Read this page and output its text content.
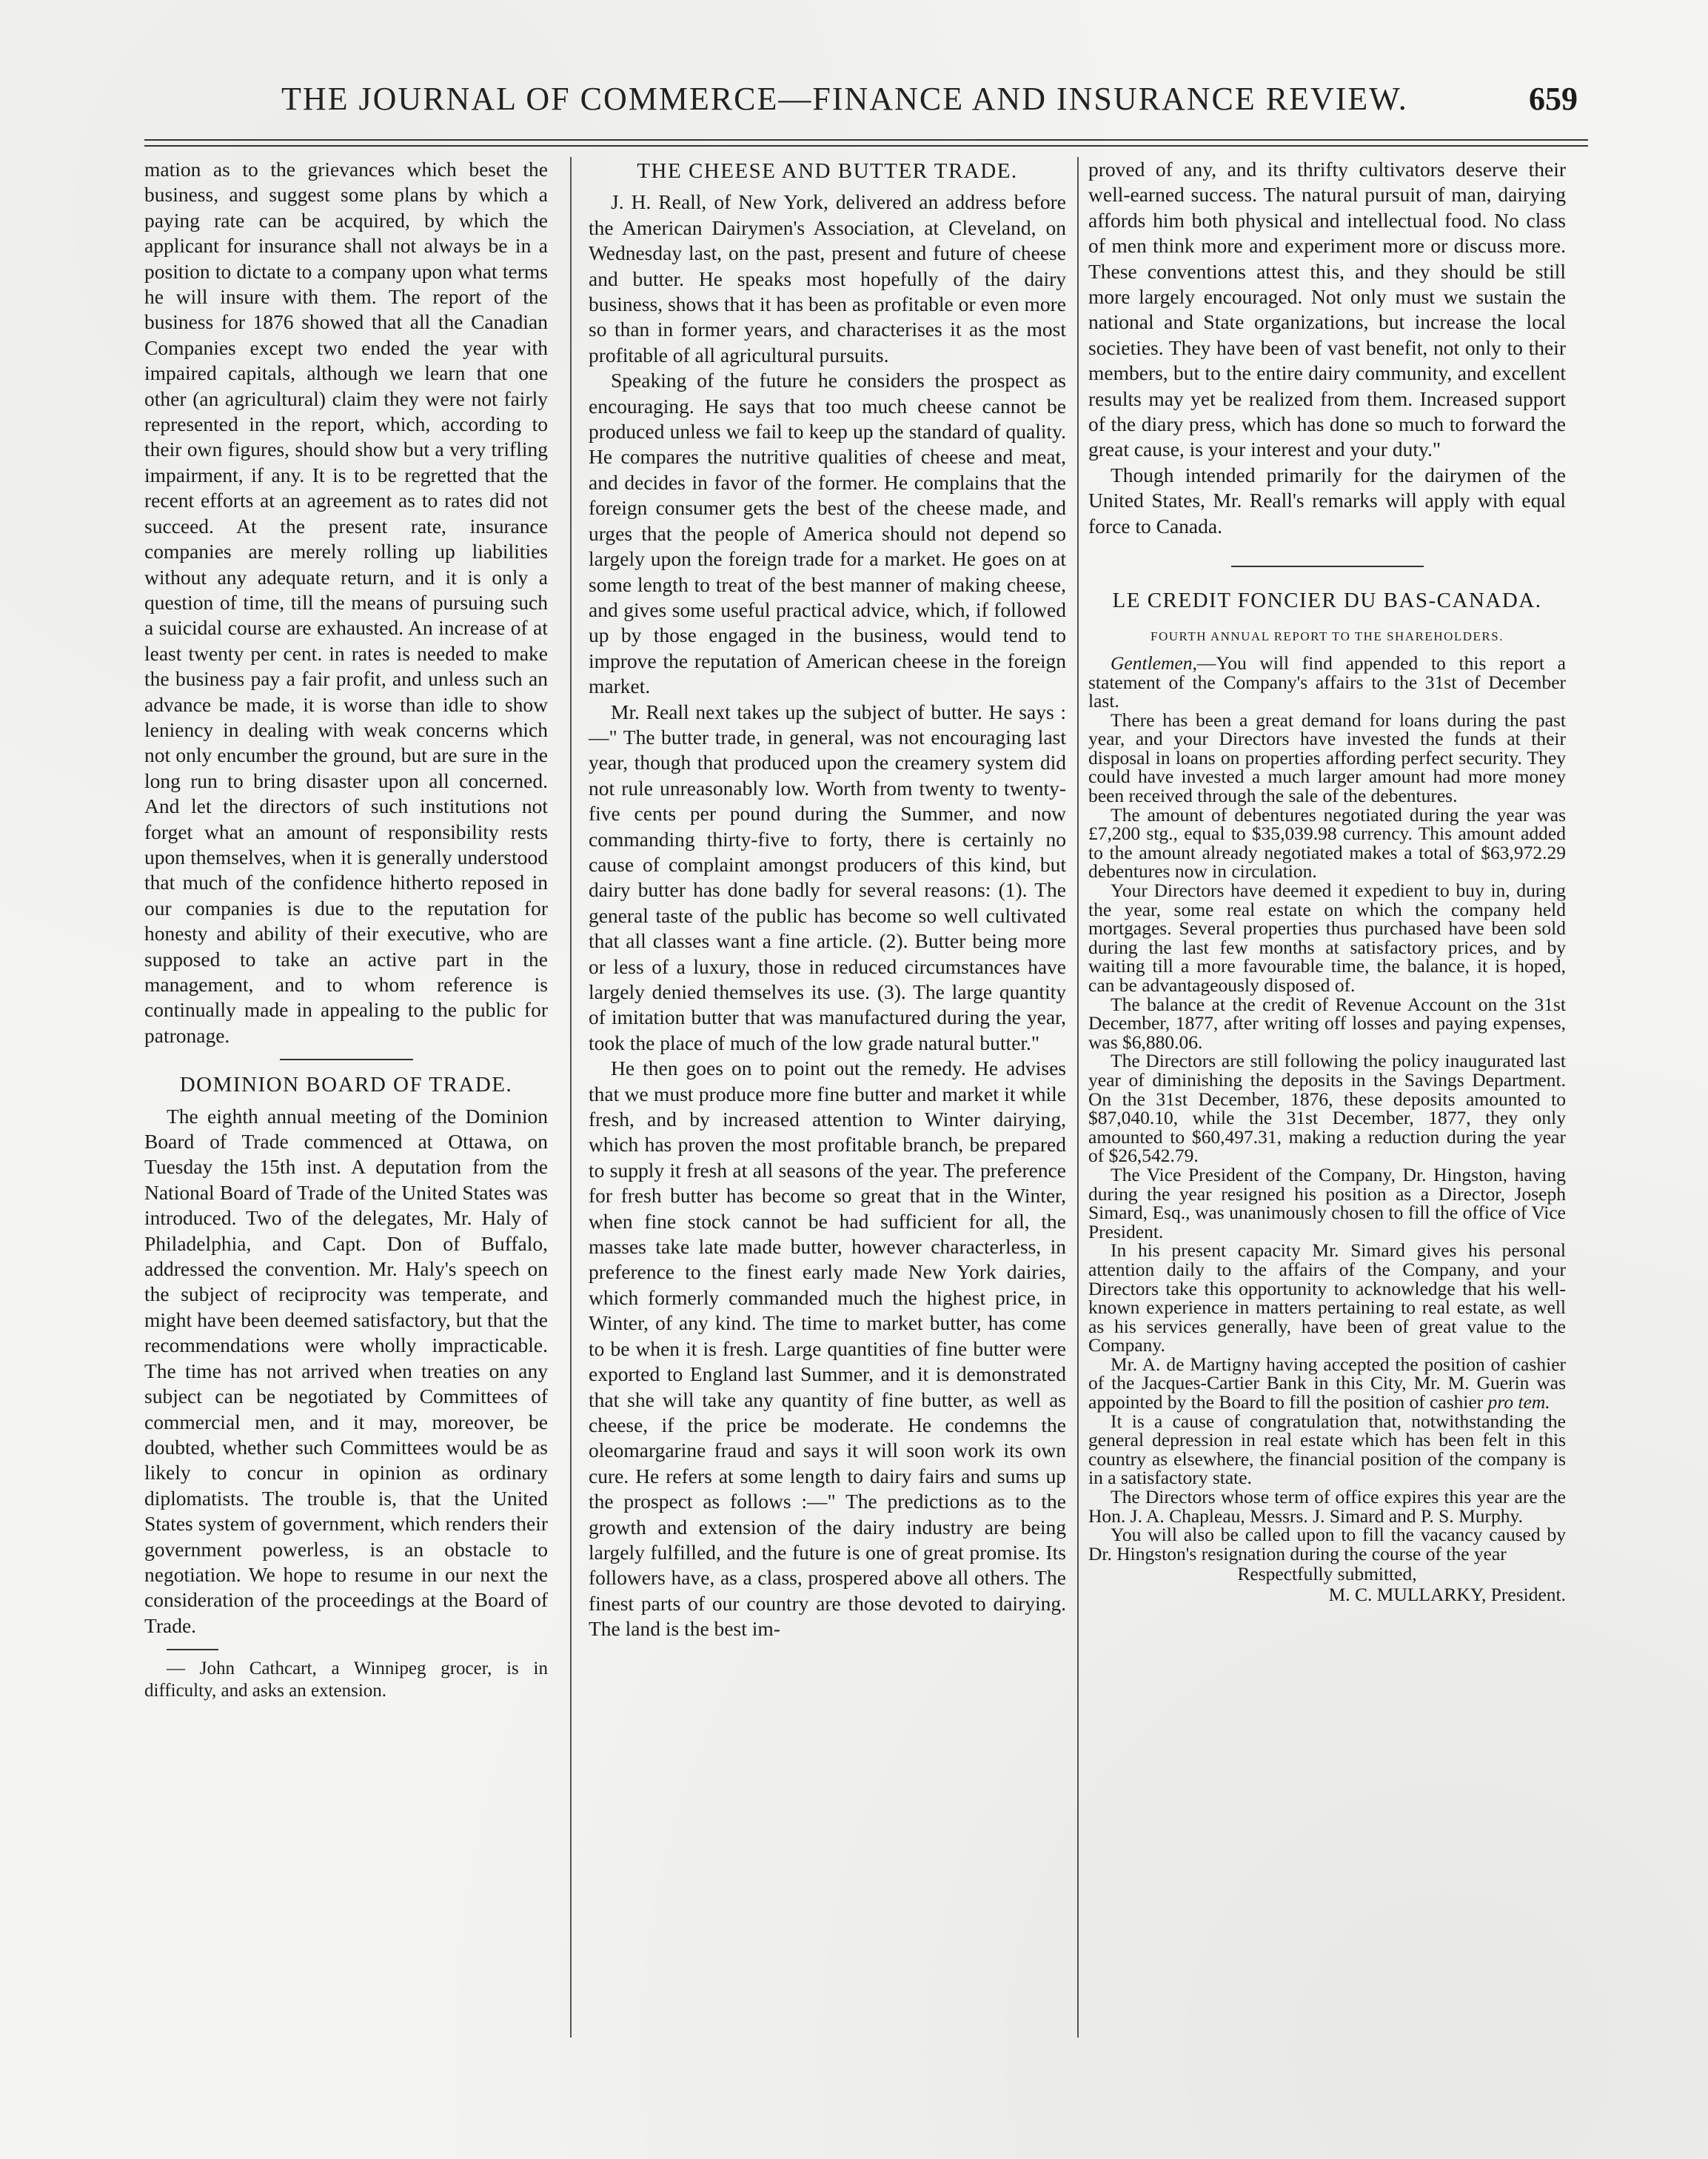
THE JOURNAL OF COMMERCE—FINANCE AND INSURANCE REVIEW.	659

mation as to the grievances which beset the business, and suggest some plans by which a paying rate can be acquired, by which the applicant for insurance shall not always be in a position to dictate to a company upon what terms he will insure with them. The report of the business for 1876 showed that all the Canadian Companies except two ended the year with impaired capitals, although we learn that one other (an agricultural) claim they were not fairly represented in the report, which, according to their own figures, should show but a very trifling impairment, if any. It is to be regretted that the recent efforts at an agreement as to rates did not succeed. At the present rate, insurance companies are merely rolling up liabilities without any adequate return, and it is only a question of time, till the means of pursuing such a suicidal course are exhausted. An increase of at least twenty per cent. in rates is needed to make the business pay a fair profit, and unless such an advance be made, it is worse than idle to show leniency in dealing with weak concerns which not only encumber the ground, but are sure in the long run to bring disaster upon all concerned. And let the directors of such institutions not forget what an amount of responsibility rests upon themselves, when it is generally understood that much of the confidence hitherto reposed in our companies is due to the reputation for honesty and ability of their executive, who are supposed to take an active part in the management, and to whom reference is continually made in appealing to the public for patronage.

DOMINION BOARD OF TRADE.

The eighth annual meeting of the Dominion Board of Trade commenced at Ottawa, on Tuesday the 15th inst. A deputation from the National Board of Trade of the United States was introduced. Two of the delegates, Mr. Haly of Philadelphia, and Capt. Don of Buffalo, addressed the convention. Mr. Haly's speech on the subject of reciprocity was temperate, and might have been deemed satisfactory, but that the recommendations were wholly impracticable. The time has not arrived when treaties on any subject can be negotiated by Committees of commercial men, and it may, moreover, be doubted, whether such Committees would be as likely to concur in opinion as ordinary diplomatists. The trouble is, that the United States system of government, which renders their government powerless, is an obstacle to negotiation. We hope to resume in our next the consideration of the proceedings at the Board of Trade.

— John Cathcart, a Winnipeg grocer, is in difficulty, and asks an extension.

THE CHEESE AND BUTTER TRADE.

J. H. Reall, of New York, delivered an address before the American Dairymen's Association, at Cleveland, on Wednesday last, on the past, present and future of cheese and butter. He speaks most hopefully of the dairy business, shows that it has been as profitable or even more so than in former years, and characterises it as the most profitable of all agricultural pursuits.

Speaking of the future he considers the prospect as encouraging. He says that too much cheese cannot be produced unless we fail to keep up the standard of quality. He compares the nutritive qualities of cheese and meat, and decides in favor of the former. He complains that the foreign consumer gets the best of the cheese made, and urges that the people of America should not depend so largely upon the foreign trade for a market. He goes on at some length to treat of the best manner of making cheese, and gives some useful practical advice, which, if followed up by those engaged in the business, would tend to improve the reputation of American cheese in the foreign market.

Mr. Reall next takes up the subject of butter. He says :—" The butter trade, in general, was not encouraging last year, though that produced upon the creamery system did not rule unreasonably low. Worth from twenty to twenty-five cents per pound during the Summer, and now commanding thirty-five to forty, there is certainly no cause of complaint amongst producers of this kind, but dairy butter has done badly for several reasons: (1). The general taste of the public has become so well cultivated that all classes want a fine article. (2). Butter being more or less of a luxury, those in reduced circumstances have largely denied themselves its use. (3). The large quantity of imitation butter that was manufactured during the year, took the place of much of the low grade natural butter."

He then goes on to point out the remedy. He advises that we must produce more fine butter and market it while fresh, and by increased attention to Winter dairying, which has proven the most profitable branch, be prepared to supply it fresh at all seasons of the year. The preference for fresh butter has become so great that in the Winter, when fine stock cannot be had sufficient for all, the masses take late made butter, however characterless, in preference to the finest early made New York dairies, which formerly commanded much the highest price, in Winter, of any kind. The time to market butter, has come to be when it is fresh. Large quantities of fine butter were exported to England last Summer, and it is demonstrated that she will take any quantity of fine butter, as well as cheese, if the price be moderate. He condemns the oleomargarine fraud and says it will soon work its own cure. He refers at some length to dairy fairs and sums up the prospect as follows :—" The predictions as to the growth and extension of the dairy industry are being largely fulfilled, and the future is one of great promise. Its followers have, as a class, prospered above all others. The finest parts of our country are those devoted to dairying. The land is the best im-

proved of any, and its thrifty cultivators deserve their well-earned success. The natural pursuit of man, dairying affords him both physical and intellectual food. No class of men think more and experiment more or discuss more. These conventions attest this, and they should be still more largely encouraged. Not only must we sustain the national and State organizations, but increase the local societies. They have been of vast benefit, not only to their members, but to the entire dairy community, and excellent results may yet be realized from them. Increased support of the diary press, which has done so much to forward the great cause, is your interest and your duty."

Though intended primarily for the dairymen of the United States, Mr. Reall's remarks will apply with equal force to Canada.

LE CREDIT FONCIER DU BAS-CANADA.
FOURTH ANNUAL REPORT TO THE SHAREHOLDERS.

Gentlemen,—You will find appended to this report a statement of the Company's affairs to the 31st of December last.

There has been a great demand for loans during the past year, and your Directors have invested the funds at their disposal in loans on properties affording perfect security. They could have invested a much larger amount had more money been received through the sale of the debentures.

The amount of debentures negotiated during the year was £7,200 stg., equal to $35,039.98 currency. This amount added to the amount already negotiated makes a total of $63,972.29 debentures now in circulation.

Your Directors have deemed it expedient to buy in, during the year, some real estate on which the company held mortgages. Several properties thus purchased have been sold during the last few months at satisfactory prices, and by waiting till a more favourable time, the balance, it is hoped, can be advantageously disposed of.

The balance at the credit of Revenue Account on the 31st December, 1877, after writing off losses and paying expenses, was $6,880.06.

The Directors are still following the policy inaugurated last year of diminishing the deposits in the Savings Department. On the 31st December, 1876, these deposits amounted to $87,040.10, while the 31st December, 1877, they only amounted to $60,497.31, making a reduction during the year of $26,542.79.

The Vice President of the Company, Dr. Hingston, having during the year resigned his position as a Director, Joseph Simard, Esq., was unanimously chosen to fill the office of Vice President.

In his present capacity Mr. Simard gives his personal attention daily to the affairs of the Company, and your Directors take this opportunity to acknowledge that his well-known experience in matters pertaining to real estate, as well as his services generally, have been of great value to the Company.

Mr. A. de Martigny having accepted the position of cashier of the Jacques-Cartier Bank in this City, Mr. M. Guerin was appointed by the Board to fill the position of cashier pro tem.

It is a cause of congratulation that, notwithstanding the general depression in real estate which has been felt in this country as elsewhere, the financial position of the company is in a satisfactory state.

The Directors whose term of office expires this year are the Hon. J. A. Chapleau, Messrs. J. Simard and P. S. Murphy.

You will also be called upon to fill the vacancy caused by Dr. Hingston's resignation during the course of the year

Respectfully submitted,

M. C. MULLARKY, President.
